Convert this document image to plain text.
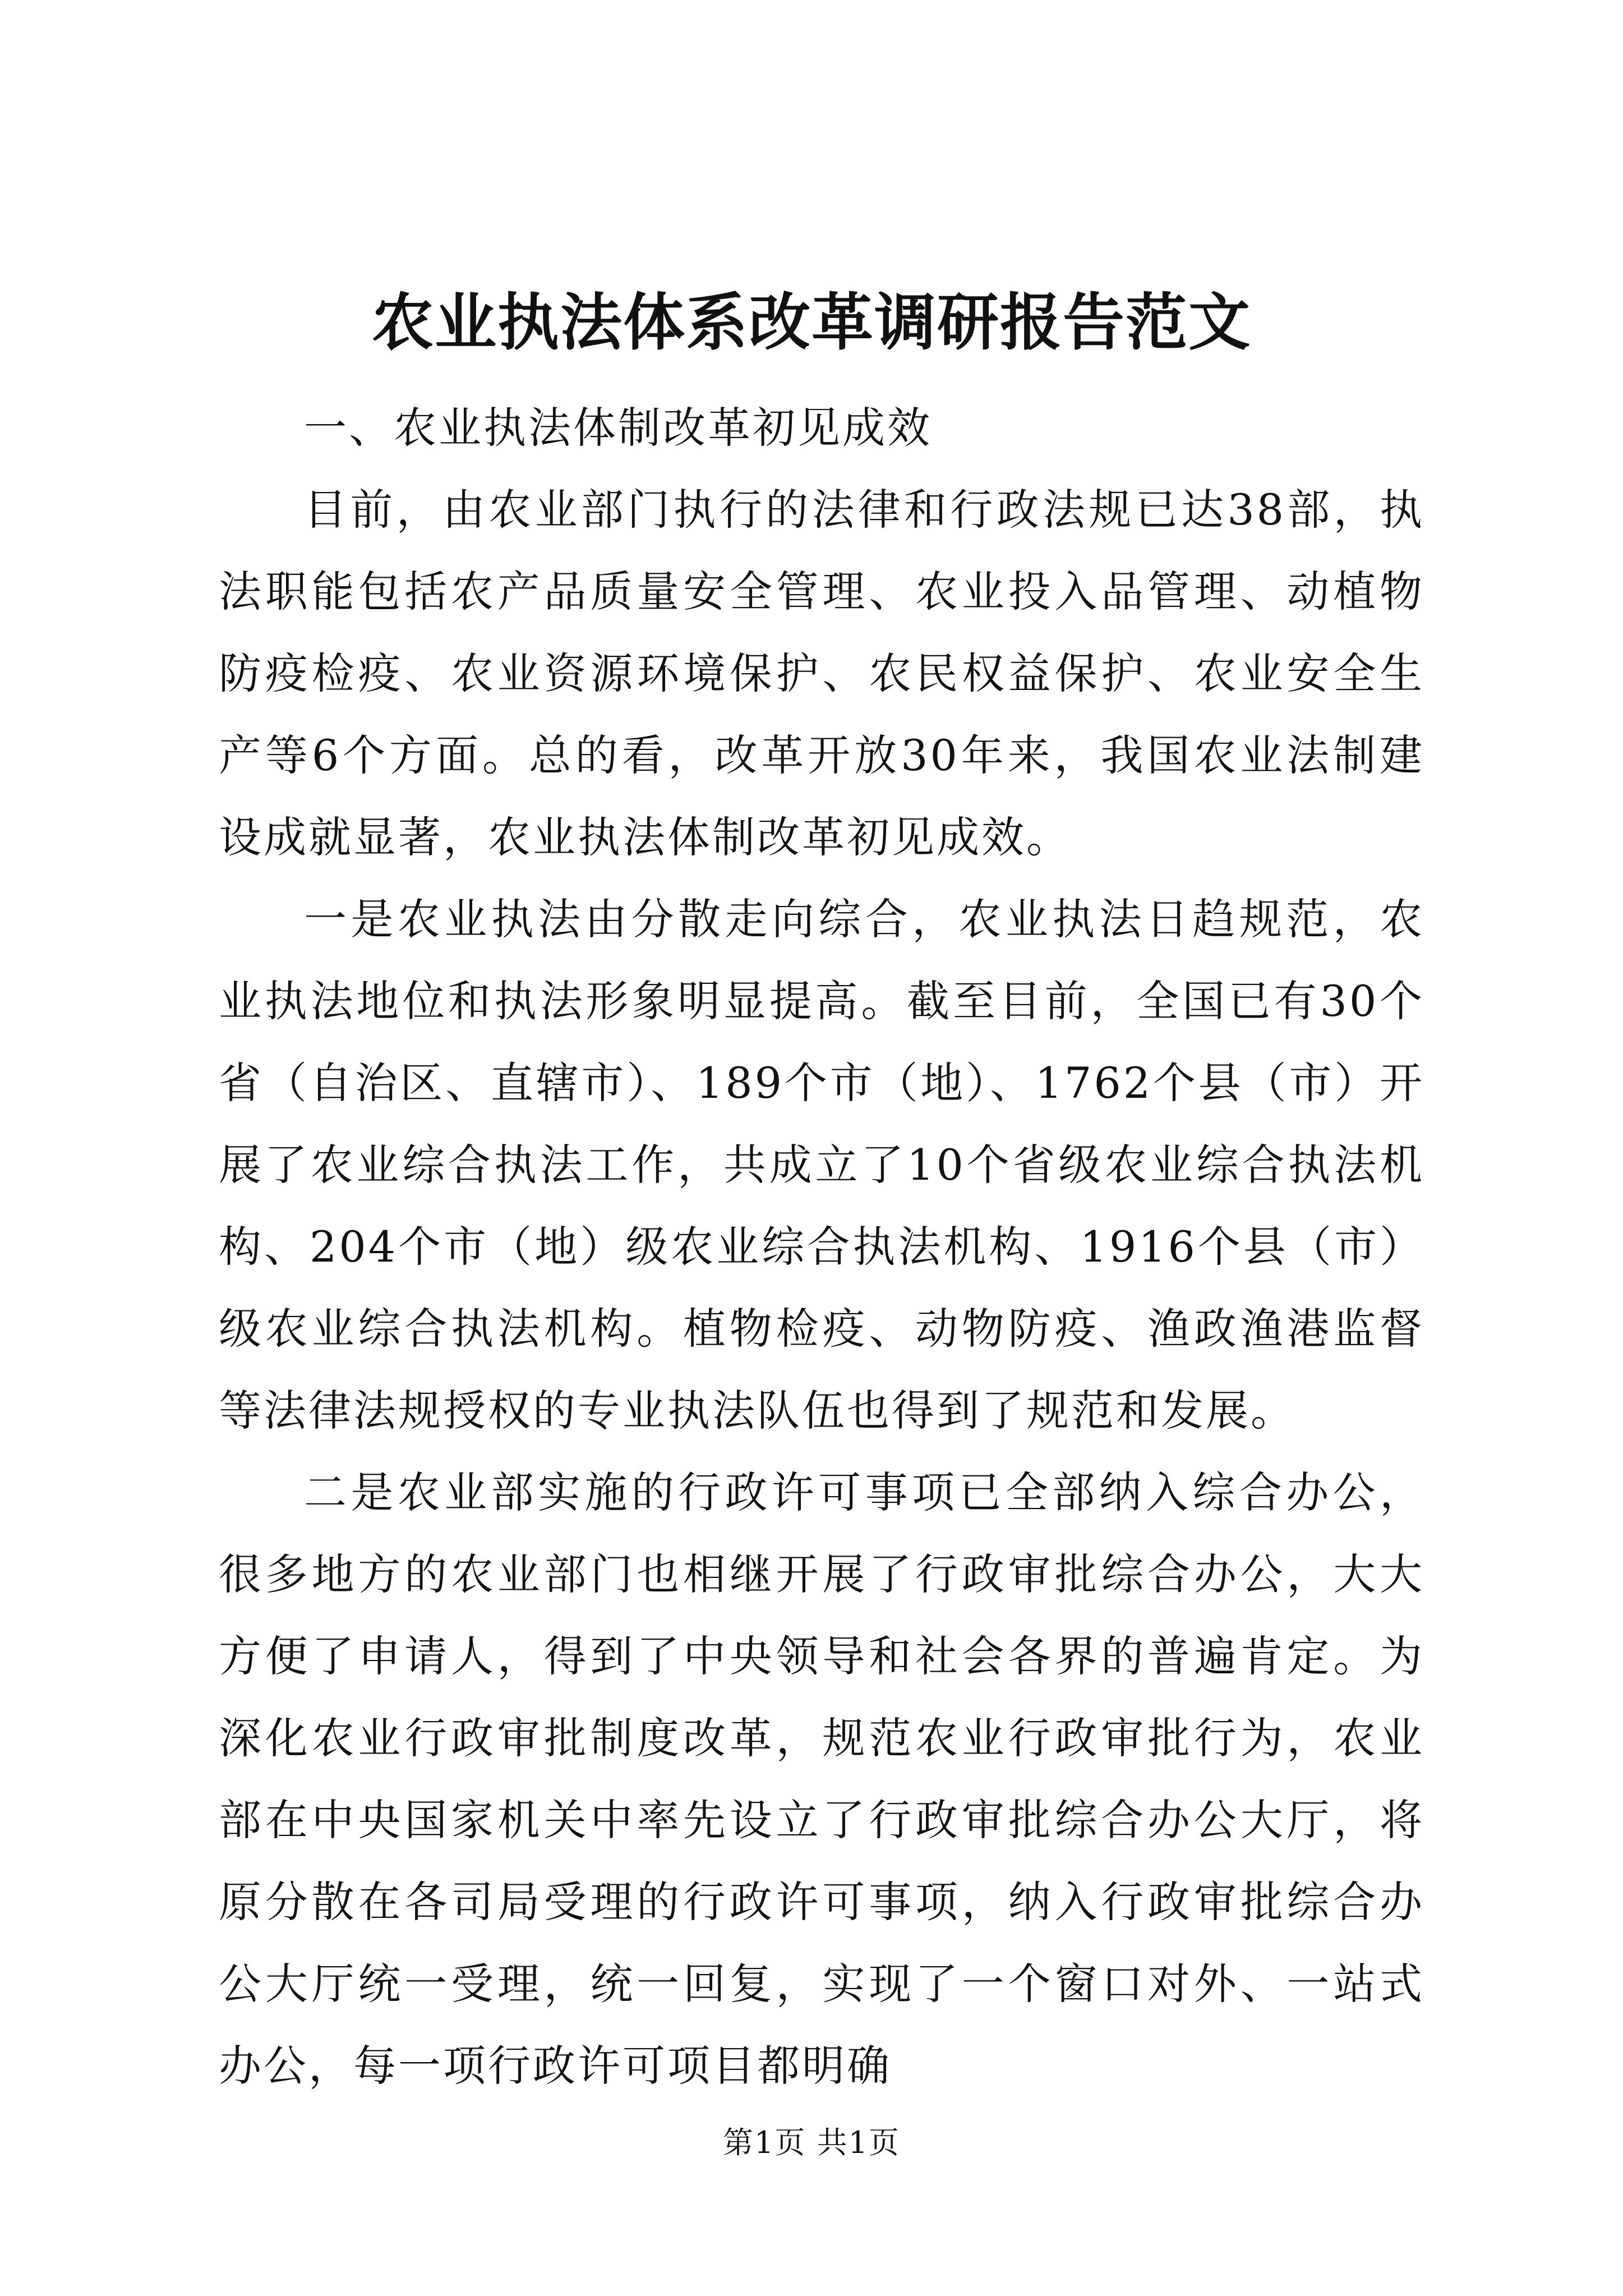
农业执法体系改革调研报告范文

一、农业执法体制改革初见成效

目前，由农业部门执行的法律和行政法规已达38部，执法职能包括农产品质量安全管理、农业投入品管理、动植物防疫检疫、农业资源环境保护、农民权益保护、农业安全生产等6个方面。总的看，改革开放30年来，我国农业法制建设成就显著，农业执法体制改革初见成效。

一是农业执法由分散走向综合，农业执法日趋规范，农业执法地位和执法形象明显提高。截至目前，全国已有30个省（自治区、直辖市）、189个市（地）、1762个县（市）开展了农业综合执法工作，共成立了10个省级农业综合执法机构、204个市（地）级农业综合执法机构、1916个县（市）级农业综合执法机构。植物检疫、动物防疫、渔政渔港监督等法律法规授权的专业执法队伍也得到了规范和发展。

二是农业部实施的行政许可事项已全部纳入综合办公，很多地方的农业部门也相继开展了行政审批综合办公，大大方便了申请人，得到了中央领导和社会各界的普遍肯定。为深化农业行政审批制度改革，规范农业行政审批行为，农业部在中央国家机关中率先设立了行政审批综合办公大厅，将原分散在各司局受理的行政许可事项，纳入行政审批综合办公大厅统一受理，统一回复，实现了一个窗口对外、一站式办公，每一项行政许可项目都明确

第1页 共1页
